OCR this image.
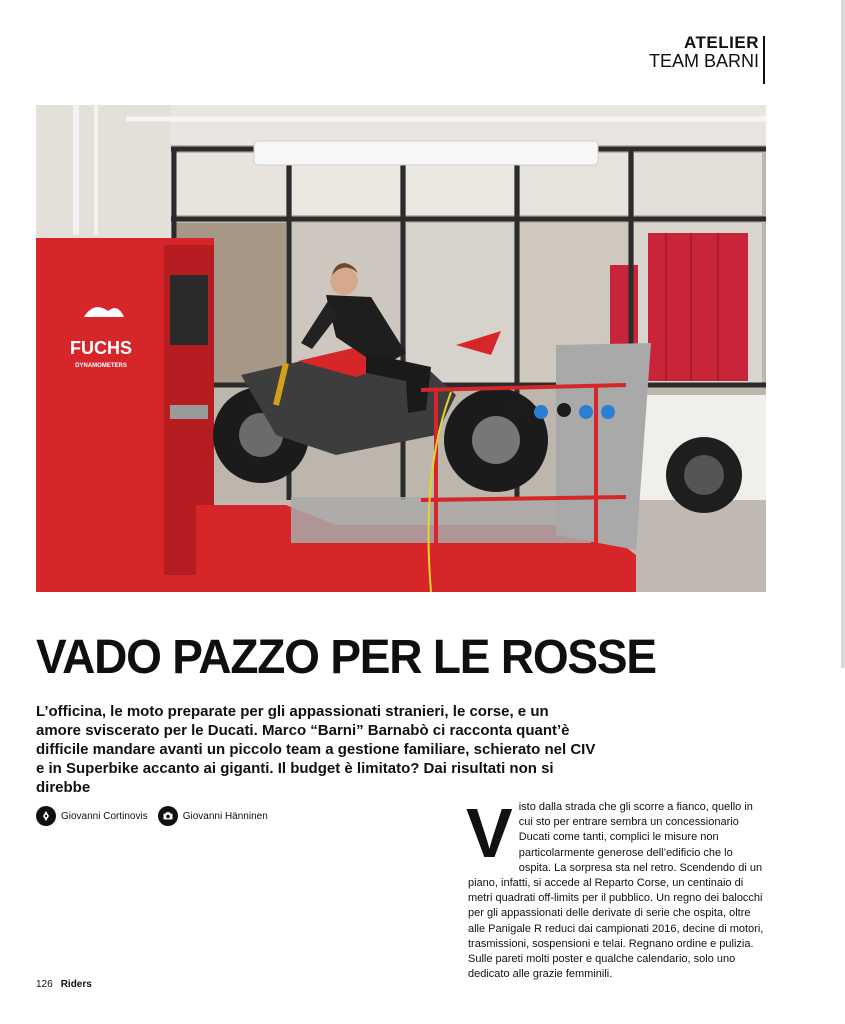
ATELIER
TEAM BARNI
FUCHS
DYNAMOMETERS
VADO PAZZO PER LE ROSSE

L’officina, le moto preparate per gli appassionati stranieri, le corse, e un amore sviscerato per le Ducati. Marco “Barni” Barnabò ci racconta quant’è difficile mandare avanti un piccolo team a gestione familiare, schierato nel CIV e in Superbike accanto ai giganti. Il budget è limitato? Dai risultati non si direbbe

Giovanni Cortinovis	Giovanni Hänninen	V isto dalla strada che gli scorre a fianco, quello in cui sto per entrare sembra un concessionario Ducati come tanti, complici le misure non particolarmente generose dell’edificio che lo ospita. La sorpresa sta nel retro. Scendendo di un piano, infatti, si accede al Reparto Corse, un centinaio di metri quadrati off-limits per il pubblico. Un regno dei balocchi per gli appassionati delle derivate di serie che ospita, oltre alle Panigale R reduci dai campionati 2016, decine di motori, trasmissioni, sospensioni e telai. Regnano ordine e pulizia. Sulle pareti molti poster e qualche calendario, solo uno dedicato alle grazie femminili.
126 Riders
